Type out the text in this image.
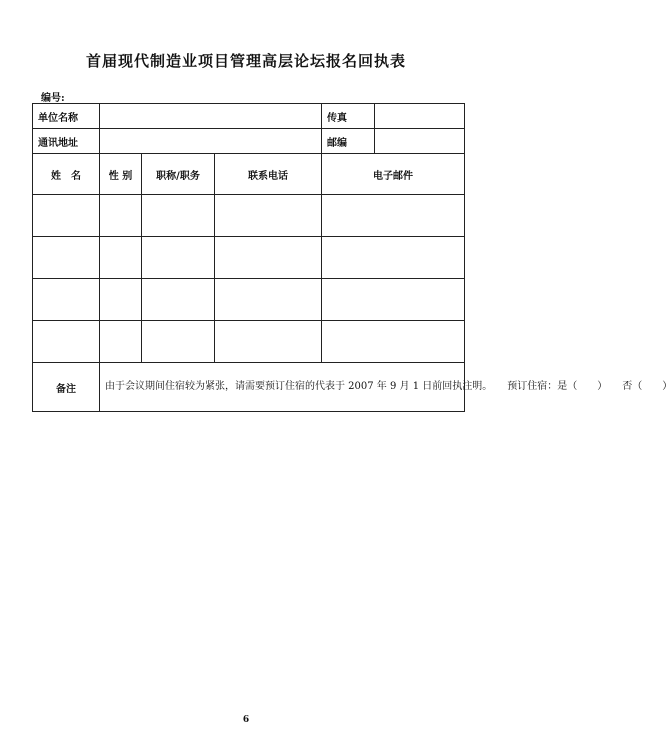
首届现代制造业项目管理高层论坛报名回执表
编号:
单位名称				传真	
通讯地址				邮编	
姓　名	性 别	职称/职务	联系电话	电子邮件	

备注	由于会议期间住宿较为紧张，请需要预订住宿的代表于 2007 年 9 月 1 日前回执注明。　　预订住宿：是（　　）　　否（　　）				
6
